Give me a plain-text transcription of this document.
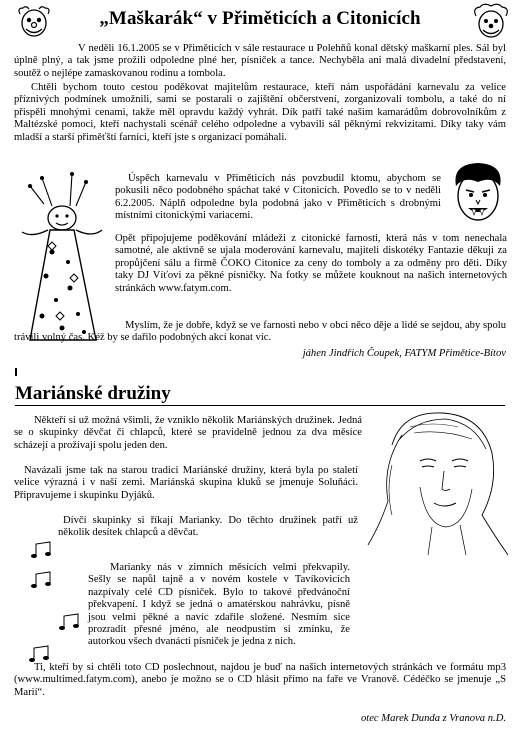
„Maškarák“ v Přiměticích a Citonicích
V neděli 16.1.2005 se v Přiměticích v sále restaurace u Polehňů konal dětský maškarní ples. Sál byl úplně plný, a tak jsme prožili odpoledne plné her, písniček a tance. Nechyběla ani malá divadelní představení, soutěž o nejlépe zamaskovanou rodinu a tombola.
Chtěli bychom touto cestou poděkovat majitelům restaurace, kteří nám uspořádání karnevalu za velice příznivých podmínek umožnili, sami se postarali o zajištění občerstvení, zorganizovali tombolu, a také do ní přispěli mnohými cenami, takže měl opravdu každý vyhrát. Dík patří také našim kamarádům dobrovolníkům z Maltézské pomoci, kteří nachystali scénář celého odpoledne a vybavili sál pěknými rekvizitami. Díky taky vám mladší a starší přiměťští farníci, kteří jste s organizací pomáhali.
Úspěch karnevalu v Přiměticích nás povzbudil ktomu, abychom se pokusili něco podobného spáchat také v Citonicích. Povedlo se to v neděli 6.2.2005. Náplň odpoledne byla podobná jako v Přiměticích s drobnými místními citonickými variacemi.
Opět připojujeme poděkování mládeži z citonické farnosti, která nás v tom nenechala samotné, ale aktivně se ujala moderování karnevalu, majiteli diskotéky Fantazie děkuji za propůjčení sálu a firmě ČOKO Citonice za ceny do tomboly a za odměny pro děti. Díky taky DJ Víťovi za pěkné písničky. Na fotky se můžete kouknout na našich internetových stránkách www.fatym.com.
Myslím, že je dobře, když se ve farnosti nebo v obci něco děje a lidé se sejdou, aby spolu trávili volný čas. Kéž by se dařilo podobných akcí konat víc.
jáhen Jindřich Čoupek, FATYM Přimětice-Bítov
Mariánské družiny
Někteří si už možná všimli, že vzniklo několik Mariánských družinek. Jedná se o skupinky děvčat či chlapců, které se pravidelně jednou za dva měsíce scházejí a prožívají spolu jeden den.
Navázali jsme tak na starou tradici Mariánské družiny, která byla po staletí velice výrazná i v naší zemi. Mariánská skupina kluků se jmenuje Soluňáci. Připravujeme i skupinku Dyjáků.
Dívčí skupinky si říkají Marianky. Do těchto družinek patří už několik desítek chlapců a děvčat.
Marianky nás v zimních měsících velmi překvapily. Sešly se napůl tajně a v novém kostele v Tavíkovicích nazpívaly celé CD písniček. Bylo to takové předvánoční překvapení. I když se jedná o amatérskou nahrávku, písně jsou velmi pěkné a navíc zdařile složené. Nesmím sice prozradit přesné jméno, ale neodpustím si zmínku, že autorkou všech dvanácti písniček je jedna z nich.
Ti, kteří by si chtěli toto CD poslechnout, najdou je buď na našich internetových stránkách ve formátu mp3 (www.multimed.fatym.com), anebo je možno se o CD hlásit přímo na faře ve Vranově. Cédéčko se jmenuje „S Marií“.
otec Marek Dunda z Vranova n.D.
